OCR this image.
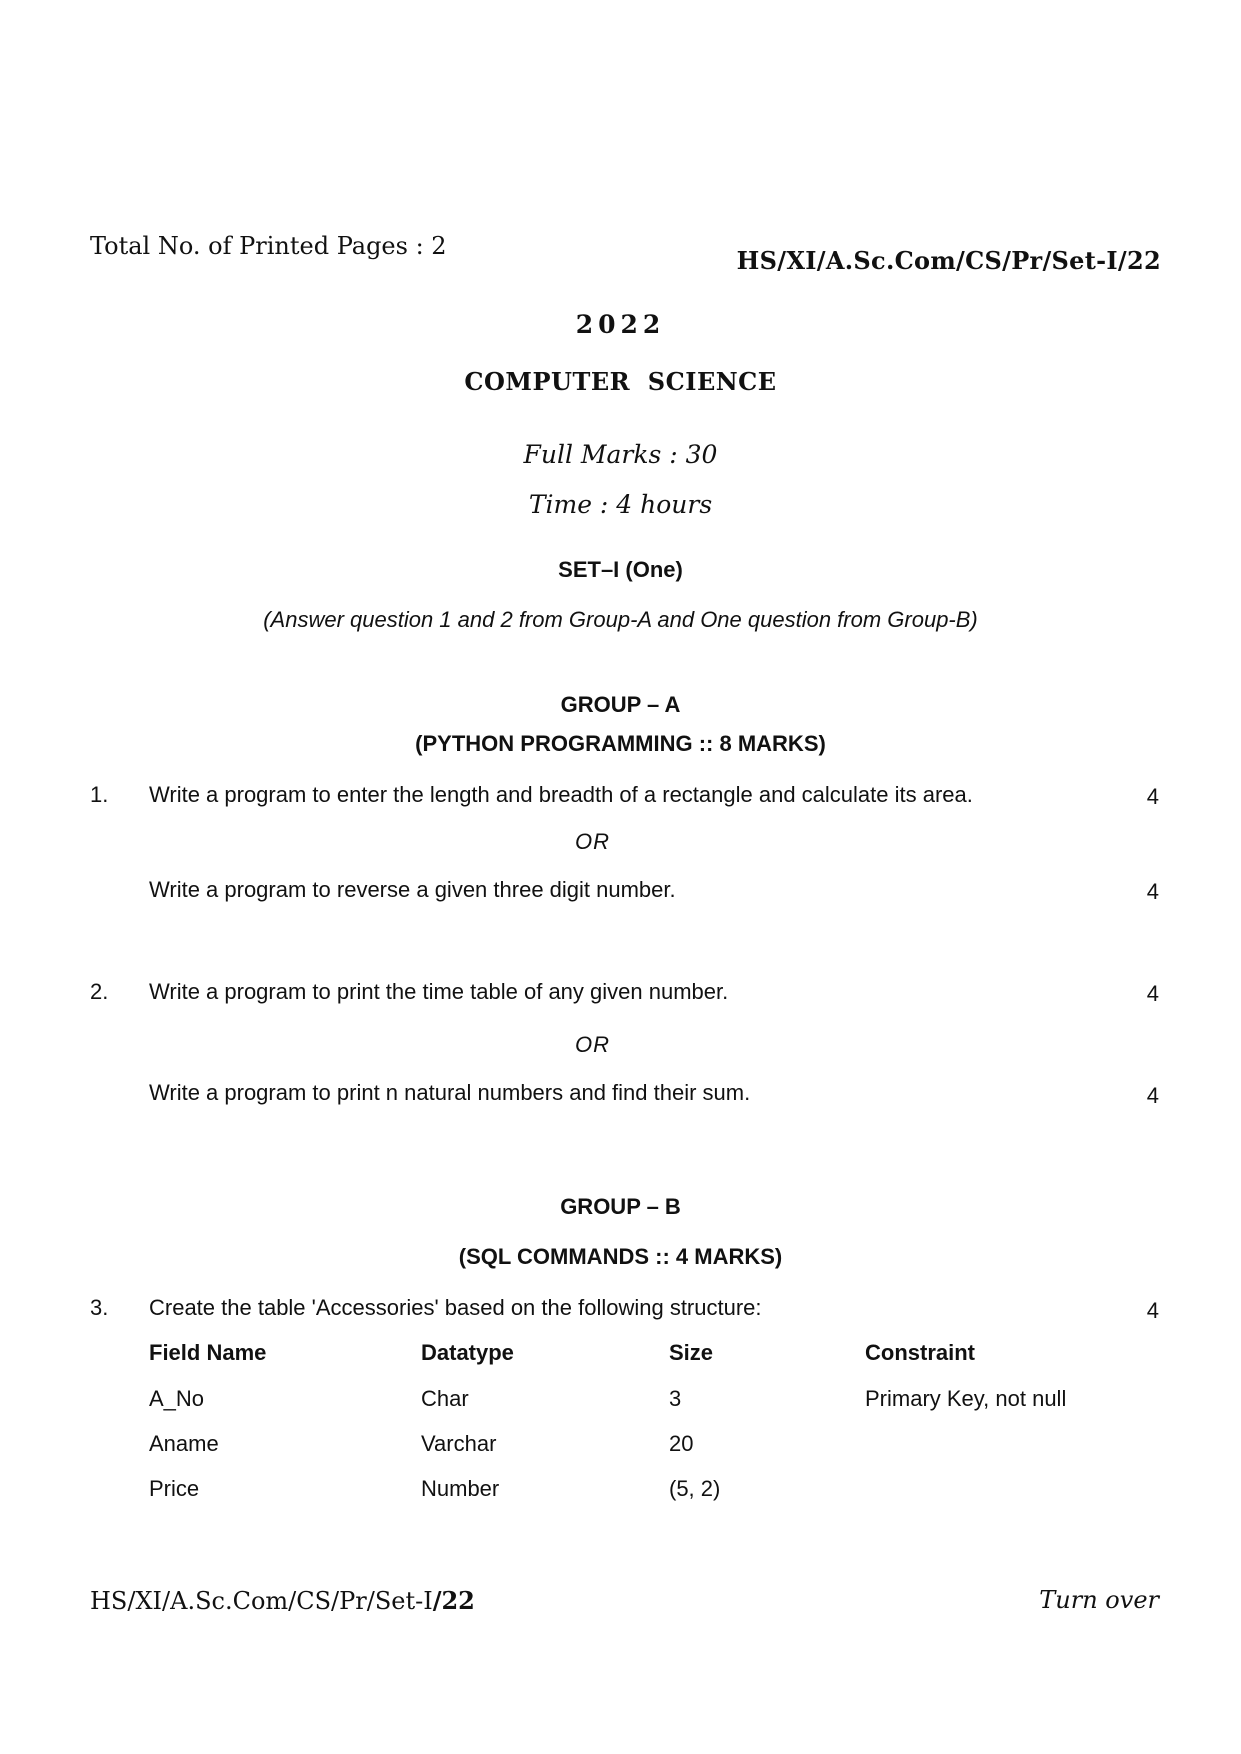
Total No. of Printed Pages : 2	HS/XI/A.Sc.Com/CS/Pr/Set-I/22
2022
COMPUTER  SCIENCE
Full Marks : 30
Time : 4 hours
SET–I (One)
(Answer question 1 and 2 from Group-A and One question from Group-B)
GROUP – A
(PYTHON PROGRAMMING :: 8 MARKS)
1. Write a program to enter the length and breadth of a rectangle and calculate its area.	4
OR
Write a program to reverse a given three digit number.	4
2. Write a program to print the time table of any given number.	4
OR
Write a program to print n natural numbers and find their sum.	4
GROUP – B
(SQL COMMANDS :: 4 MARKS)
3. Create the table 'Accessories' based on the following structure:	4
Field Name	Datatype	Size	Constraint
A_No	Char	3	Primary Key, not null
Aname	Varchar	20
Price	Number	(5, 2)
HS/XI/A.Sc.Com/CS/Pr/Set-I/22	Turn over
